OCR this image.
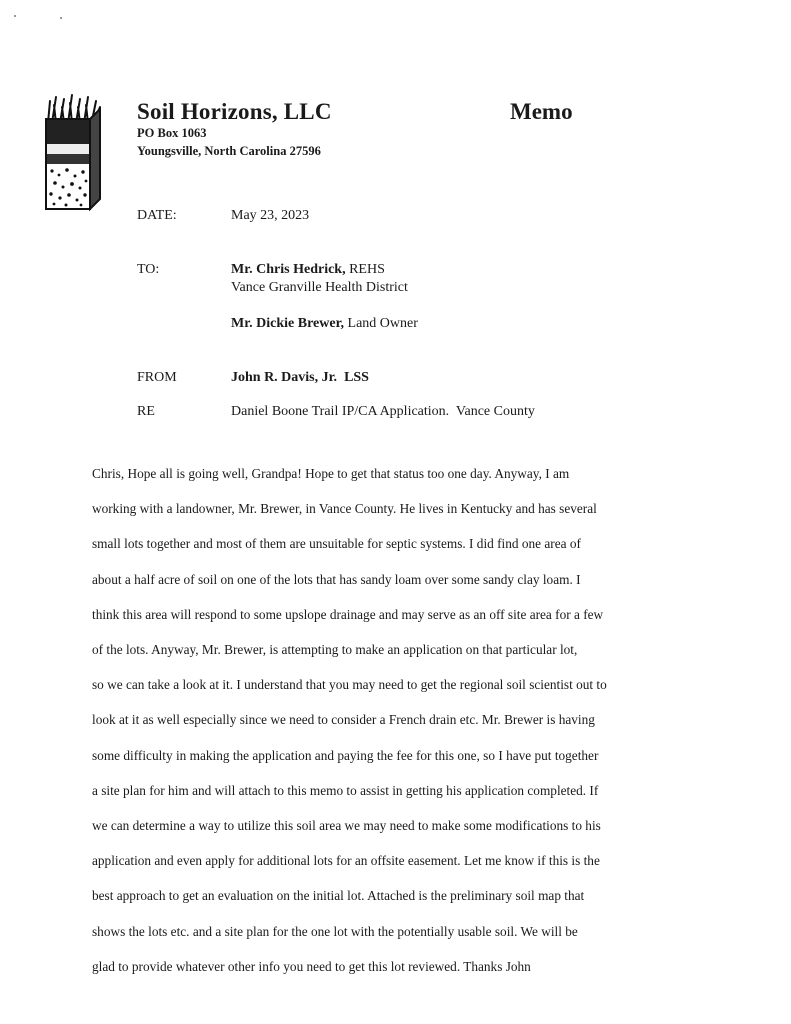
Soil Horizons, LLC	Memo
PO Box 1063
Youngsville, North Carolina 27596
DATE:	May 23, 2023
TO:	Mr. Chris Hedrick, REHS
Vance Granville Health District
Mr. Dickie Brewer, Land Owner
FROM	John R. Davis, Jr.  LSS
RE	Daniel Boone Trail IP/CA Application.  Vance County

Chris, Hope all is going well, Grandpa! Hope to get that status too one day. Anyway, I am
working with a landowner, Mr. Brewer, in Vance County. He lives in Kentucky and has several
small lots together and most of them are unsuitable for septic systems. I did find one area of
about a half acre of soil on one of the lots that has sandy loam over some sandy clay loam. I
think this area will respond to some upslope drainage and may serve as an off site area for a few
of the lots. Anyway, Mr. Brewer, is attempting to make an application on that particular lot,
so we can take a look at it. I understand that you may need to get the regional soil scientist out to
look at it as well especially since we need to consider a French drain etc. Mr. Brewer is having
some difficulty in making the application and paying the fee for this one, so I have put together
a site plan for him and will attach to this memo to assist in getting his application completed. If
we can determine a way to utilize this soil area we may need to make some modifications to his
application and even apply for additional lots for an offsite easement. Let me know if this is the
best approach to get an evaluation on the initial lot. Attached is the preliminary soil map that
shows the lots etc. and a site plan for the one lot with the potentially usable soil. We will be
glad to provide whatever other info you need to get this lot reviewed. Thanks John
